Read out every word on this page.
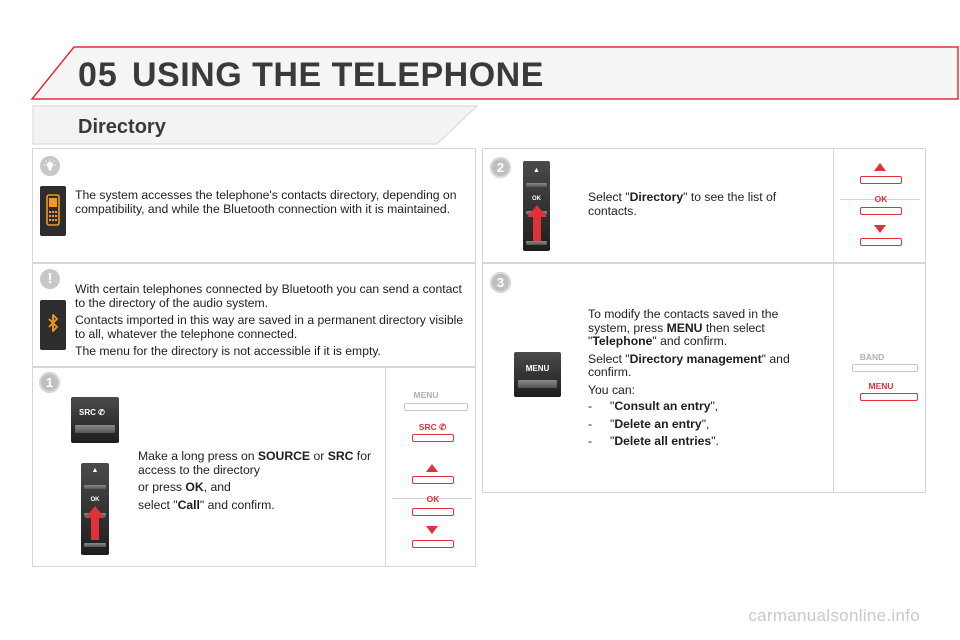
05 USING THE TELEPHONE
Directory

The system accesses the telephone's contacts directory, depending on compatibility, and while the Bluetooth connection with it is maintained.

!

With certain telephones connected by Bluetooth you can send a contact to the directory of the audio system.

Contacts imported in this way are saved in a permanent directory visible to all, whatever the telephone connected.

The menu for the directory is not accessible if it is empty.

1
SRC ✆
▲
OK

Make a long press on SOURCE or SRC for access to the directory

or press OK, and

select "Call" and confirm.

MENU
SRC ✆
OK
2	▲
OK	Select "Directory" to see the list of contacts.

OK
3
MENU

To modify the contacts saved in the system, press MENU then select "Telephone" and confirm.

Select "Directory management" and confirm.

You can:

- "Consult an entry",

- "Delete an entry",

- "Delete all entries".

BAND
MENU
carmanualsonline.info
